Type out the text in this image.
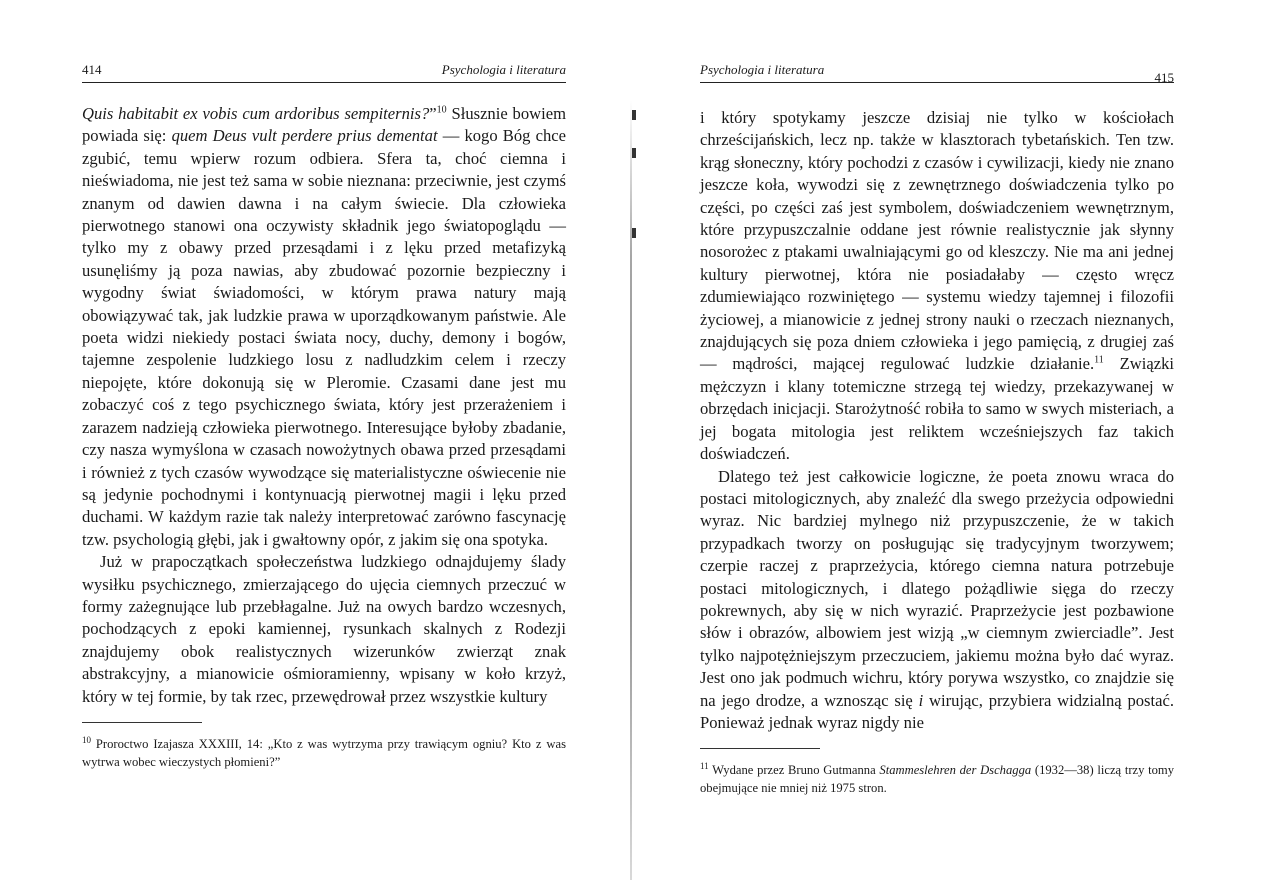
414	Psychologia i literatura

Quis habitabit ex vobis cum ardoribus sempiternis?”$^{10}$ Słusznie bowiem powiada się: quem Deus vult perdere prius dementat — kogo Bóg chce zgubić, temu wpierw rozum odbiera. Sfera ta, choć ciemna i nieświadoma, nie jest też sama w sobie nieznana: przeciwnie, jest czymś znanym od dawien dawna i na całym świecie. Dla człowieka pierwotnego stanowi ona oczywisty składnik jego światopoglądu — tylko my z obawy przed przesądami i z lęku przed metafizyką usunęliśmy ją poza nawias, aby zbudować pozornie bezpieczny i wygodny świat świadomości, w którym prawa natury mają obowiązywać tak, jak ludzkie prawa w uporządkowanym państwie. Ale poeta widzi niekiedy postaci świata nocy, duchy, demony i bogów, tajemne zespolenie ludzkiego losu z nadludzkim celem i rzeczy niepojęte, które dokonują się w Pleromie. Czasami dane jest mu zobaczyć coś z tego psychicznego świata, który jest przerażeniem i zarazem nadzieją człowieka pierwotnego. Interesujące byłoby zbadanie, czy nasza wymyślona w czasach nowożytnych obawa przed przesądami i również z tych czasów wywodzące się materialistyczne oświecenie nie są jedynie pochodnymi i kontynuacją pierwotnej magii i lęku przed duchami. W każdym razie tak należy interpretować zarówno fascynację tzw. psychologią głębi, jak i gwałtowny opór, z jakim się ona spotyka.

Już w prapoczątkach społeczeństwa ludzkiego odnajdujemy ślady wysiłku psychicznego, zmierzającego do ujęcia ciemnych przeczuć w formy zażegnujące lub przebłagalne. Już na owych bardzo wczesnych, pochodzących z epoki kamiennej, rysunkach skalnych z Rodezji znajdujemy obok realistycznych wizerunków zwierząt znak abstrakcyjny, a mianowicie ośmioramienny, wpisany w koło krzyż, który w tej formie, by tak rzec, przewędrował przez wszystkie kultury

$^{10}$ Proroctwo Izajasza XXXIII, 14: „Kto z was wytrzyma przy trawiącym ogniu? Kto z was wytrwa wobec wieczystych płomieni?”
Psychologia i literatura
415

i który spotykamy jeszcze dzisiaj nie tylko w kościołach chrześcijańskich, lecz np. także w klasztorach tybetańskich. Ten tzw. krąg słoneczny, który pochodzi z czasów i cywilizacji, kiedy nie znano jeszcze koła, wywodzi się z zewnętrznego doświadczenia tylko po części, po części zaś jest symbolem, doświadczeniem wewnętrznym, które przypuszczalnie oddane jest równie realistycznie jak słynny nosorożec z ptakami uwalniającymi go od kleszczy. Nie ma ani jednej kultury pierwotnej, która nie posiadałaby — często wręcz zdumiewiająco rozwiniętego — systemu wiedzy tajemnej i filozofii życiowej, a mianowicie z jednej strony nauki o rzeczach nieznanych, znajdujących się poza dniem człowieka i jego pamięcią, z drugiej zaś — mądrości, mającej regulować ludzkie działanie.$^{11}$ Związki mężczyzn i klany totemiczne strzegą tej wiedzy, przekazywanej w obrzędach inicjacji. Starożytność robiła to samo w swych misteriach, a jej bogata mitologia jest reliktem wcześniejszych faz takich doświadczeń.

Dlatego też jest całkowicie logiczne, że poeta znowu wraca do postaci mitologicznych, aby znaleźć dla swego przeżycia odpowiedni wyraz. Nic bardziej mylnego niż przypuszczenie, że w takich przypadkach tworzy on posługując się tradycyjnym tworzywem; czerpie raczej z praprzeżycia, którego ciemna natura potrzebuje postaci mitologicznych, i dlatego pożądliwie sięga do rzeczy pokrewnych, aby się w nich wyrazić. Praprzeżycie jest pozbawione słów i obrazów, albowiem jest wizją „w ciemnym zwierciadle”. Jest tylko najpotężniejszym przeczuciem, jakiemu można było dać wyraz. Jest ono jak podmuch wichru, który porywa wszystko, co znajdzie się na jego drodze, a wznosząc się i wirując, przybiera widzialną postać. Ponieważ jednak wyraz nigdy nie

$^{11}$ Wydane przez Bruno Gutmanna Stammeslehren der Dschagga (1932—38) liczą trzy tomy obejmujące nie mniej niż 1975 stron.
